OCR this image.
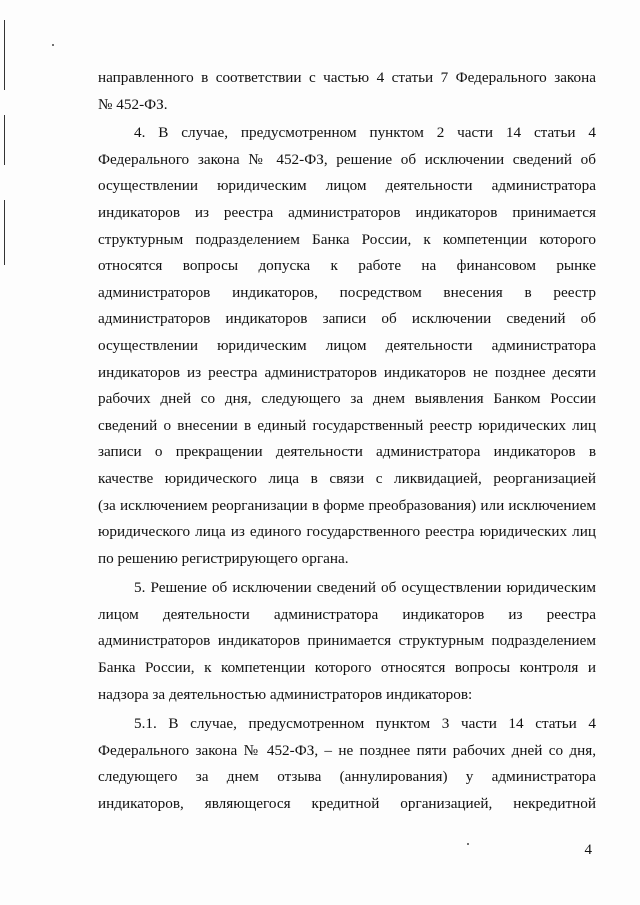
направленного в соответствии с частью 4 статьи 7 Федерального закона
№ 452-ФЗ.
4. В случае, предусмотренном пунктом 2 части 14 статьи 4
Федерального закона № 452-ФЗ, решение об исключении сведений об
осуществлении юридическим лицом деятельности администратора
индикаторов из реестра администраторов индикаторов принимается
структурным подразделением Банка России, к компетенции которого
относятся вопросы допуска к работе на финансовом рынке
администраторов индикаторов, посредством внесения в реестр
администраторов индикаторов записи об исключении сведений об
осуществлении юридическим лицом деятельности администратора
индикаторов из реестра администраторов индикаторов не позднее десяти
рабочих дней со дня, следующего за днем выявления Банком России
сведений о внесении в единый государственный реестр юридических лиц
записи о прекращении деятельности администратора индикаторов в
качестве юридического лица в связи с ликвидацией, реорганизацией
(за исключением реорганизации в форме преобразования) или исключением
юридического лица из единого государственного реестра юридических лиц
по решению регистрирующего органа.
5. Решение об исключении сведений об осуществлении юридическим
лицом деятельности администратора индикаторов из реестра
администраторов индикаторов принимается структурным подразделением
Банка России, к компетенции которого относятся вопросы контроля и
надзора за деятельностью администраторов индикаторов:
5.1. В случае, предусмотренном пунктом 3 части 14 статьи 4
Федерального закона № 452-ФЗ, – не позднее пяти рабочих дней со дня,
следующего за днем отзыва (аннулирования) у администратора
индикаторов, являющегося кредитной организацией, некредитной
4
